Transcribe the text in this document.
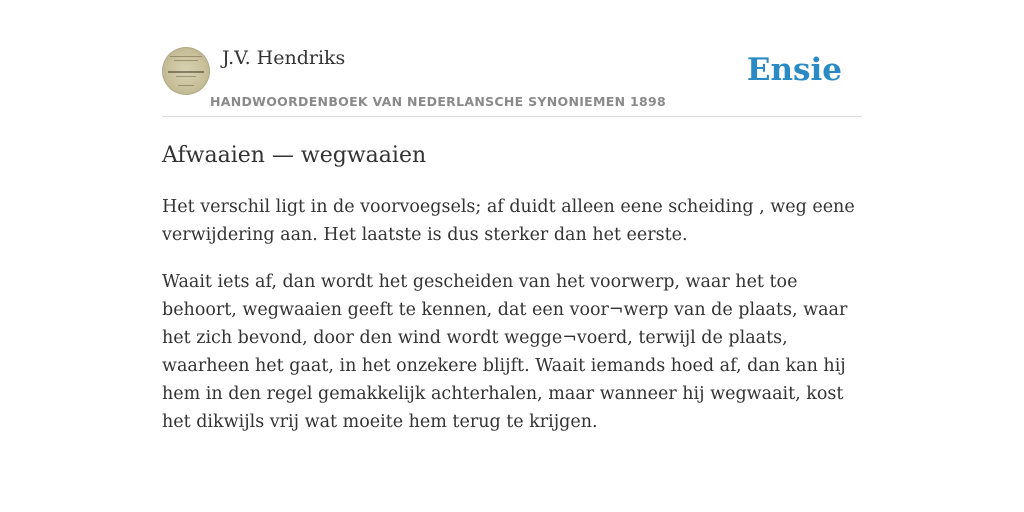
J.V. Hendriks
HANDWOORDENBOEK VAN NEDERLANSCHE SYNONIEMEN 1898
Ensie
Afwaaien — wegwaaien

Het verschil ligt in de voorvoegsels; af duidt alleen eene scheiding , weg eene verwijdering aan. Het laatste is dus sterker dan het eerste.

Waait iets af, dan wordt het gescheiden van het voorwerp, waar het toe behoort, wegwaaien geeft te kennen, dat een voor¬werp van de plaats, waar het zich bevond, door den wind wordt wegge¬voerd, terwijl de plaats, waarheen het gaat, in het onzekere blijft. Waait iemands hoed af, dan kan hij hem in den regel gemakkelijk achterhalen, maar wanneer hij wegwaait, kost het dikwijls vrij wat moeite hem terug te krijgen.
